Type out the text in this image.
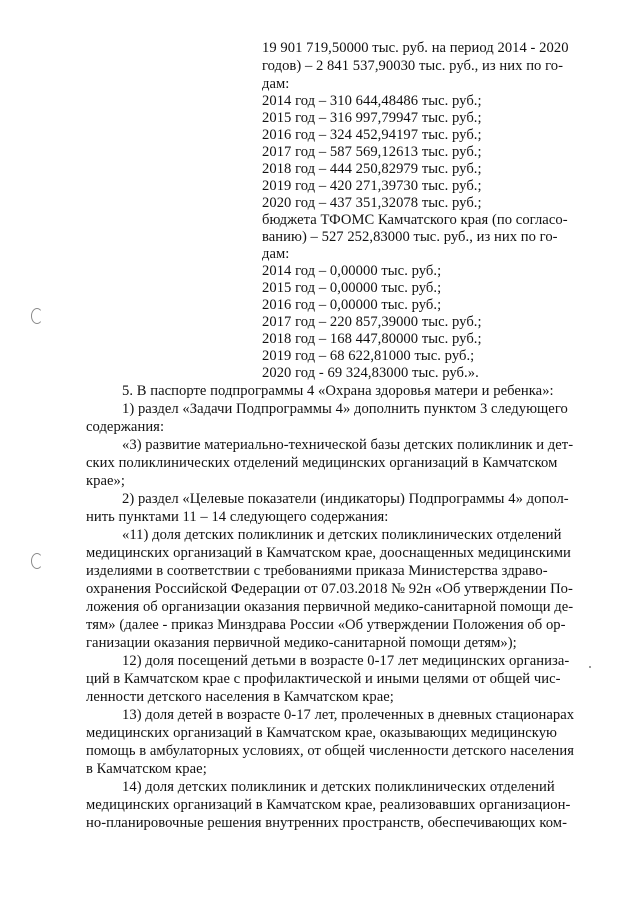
19 901 719,50000 тыс. руб. на период 2014 - 2020
годов) – 2 841 537,90030 тыс. руб., из них по го-
дам:
2014 год – 310 644,48486 тыс. руб.;
2015 год – 316 997,79947 тыс. руб.;
2016 год – 324 452,94197 тыс. руб.;
2017 год – 587 569,12613 тыс. руб.;
2018 год – 444 250,82979 тыс. руб.;
2019 год – 420 271,39730 тыс. руб.;
2020 год – 437 351,32078 тыс. руб.;
бюджета ТФОМС Камчатского края (по согласо-
ванию) – 527 252,83000 тыс. руб., из них по го-
дам:
2014 год – 0,00000 тыс. руб.;
2015 год – 0,00000 тыс. руб.;
2016 год – 0,00000 тыс. руб.;
2017 год – 220 857,39000 тыс. руб.;
2018 год – 168 447,80000 тыс. руб.;
2019 год – 68 622,81000 тыс. руб.;
2020 год - 69 324,83000 тыс. руб.».
5. В паспорте подпрограммы 4 «Охрана здоровья матери и ребенка»:
1) раздел «Задачи Подпрограммы 4» дополнить пунктом 3 следующего
содержания:
«3) развитие материально-технической базы детских поликлиник и дет-
ских поликлинических отделений медицинских организаций в Камчатском
крае»;
2) раздел «Целевые показатели (индикаторы) Подпрограммы 4» допол-
нить пунктами 11 – 14 следующего содержания:
«11) доля детских поликлиник и детских поликлинических отделений
медицинских организаций в Камчатском крае, дооснащенных медицинскими
изделиями в соответствии с требованиями приказа Министерства здраво-
охранения Российской Федерации от 07.03.2018 № 92н «Об утверждении По-
ложения об организации оказания первичной медико-санитарной помощи де-
тям» (далее - приказ Минздрава России «Об утверждении Положения об ор-
ганизации оказания первичной медико-санитарной помощи детям»);
12) доля посещений детьми в возрасте 0-17 лет медицинских организа-
ций в Камчатском крае с профилактической и иными целями от общей чис-
ленности детского населения в Камчатском крае;
13) доля детей в возрасте 0-17 лет, пролеченных в дневных стационарах
медицинских организаций в Камчатском крае, оказывающих медицинскую
помощь в амбулаторных условиях, от общей численности детского населения
в Камчатском крае;
14) доля детских поликлиник и детских поликлинических отделений
медицинских организаций в Камчатском крае, реализовавших организацион-
но-планировочные решения внутренних пространств, обеспечивающих ком-
